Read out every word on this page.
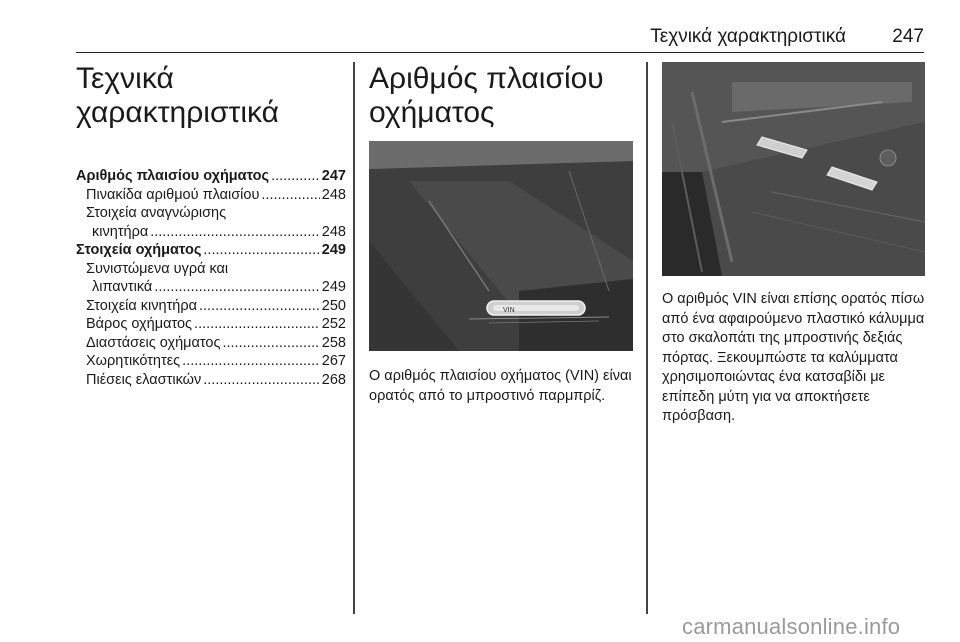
Τεχνικά χαρακτηριστικά 247
Τεχνικά
χαρακτηριστικά
Αριθμός πλαισίου οχήματος .....	247
Πινακίδα αριθμού πλαισίου .....	248
Στοιχεία αναγνώρισης
κινητήρα .....	248
Στοιχεία οχήματος .....	249
Συνιστώμενα υγρά και
λιπαντικά .....	249
Στοιχεία κινητήρα .....	250
Βάρος οχήματος .....	252
Διαστάσεις οχήματος .....	258
Χωρητικότητες .....	267
Πιέσεις ελαστικών .....	268
Αριθμός πλαισίου
οχήματος
VIN
Ο αριθμός πλαισίου οχήματος (VIN) είναι ορατός από το μπροστινό παρμπρίζ.
Ο αριθμός VIN είναι επίσης ορατός πίσω από ένα αφαιρούμενο πλαστικό κάλυμμα στο σκαλοπάτι της μπροστινής δεξιάς πόρτας. Ξεκουμπώστε τα καλύμματα χρησιμοποιώντας ένα κατσαβίδι με επίπεδη μύτη για να αποκτήσετε πρόσβαση.
carmanualsonline.info
